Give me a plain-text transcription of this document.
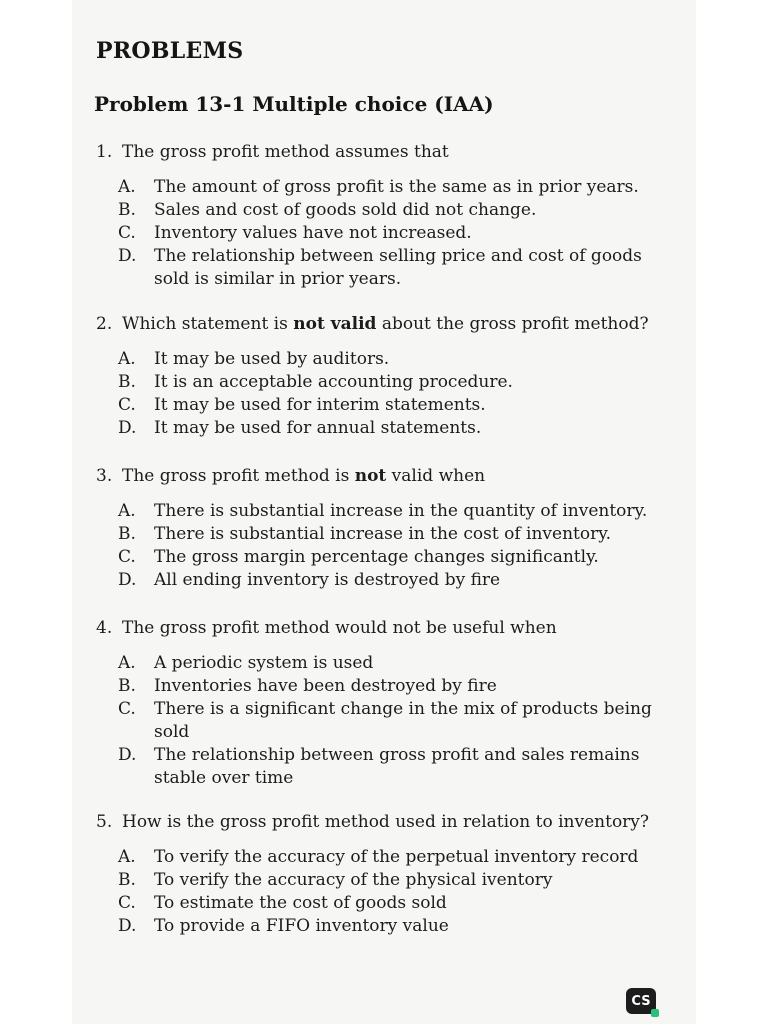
PROBLEMS
Problem 13-1 Multiple choice (IAA)
1. The gross profit method assumes that
A.	The amount of gross profit is the same as in prior years.
B.	Sales and cost of goods sold did not change.
C.	Inventory values have not increased.
D.	The relationship between selling price and cost of goods sold is similar in prior years.
2. Which statement is not valid about the gross profit method?
A.	It may be used by auditors.
B.	It is an acceptable accounting procedure.
C.	It may be used for interim statements.
D.	It may be used for annual statements.
3. The gross profit method is not valid when
A.	There is substantial increase in the quantity of inventory.
B.	There is substantial increase in the cost of inventory.
C.	The gross margin percentage changes significantly.
D.	All ending inventory is destroyed by fire
4. The gross profit method would not be useful when
A.	A periodic system is used
B.	Inventories have been destroyed by fire
C.	There is a significant change in the mix of products being sold
D.	The relationship between gross profit and sales remains stable over time
5. How is the gross profit method used in relation to inventory?
A.	To verify the accuracy of the perpetual inventory record
B.	To verify the accuracy of the physical iventory
C.	To estimate the cost of goods sold
D.	To provide a FIFO inventory value
CS
